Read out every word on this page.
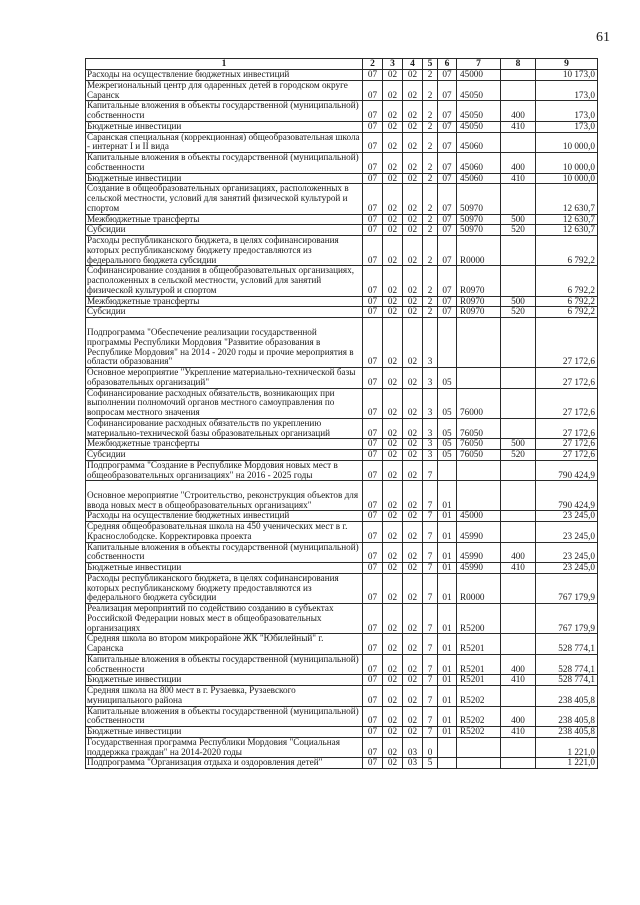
61
1	2	3	4	5	6	7	8	9
Расходы на осуществление бюджетных инвестиций	07	02	02	2	07	45000		10 173,0
Межрегиональный центр для одаренных детей в городском округе Саранск	07	02	02	2	07	45050		173,0
Капитальные вложения в объекты государственной (муниципальной) собственности	07	02	02	2	07	45050	400	173,0
Бюджетные инвестиции	07	02	02	2	07	45050	410	173,0
Саранская специальная (коррекционная) общеобразовательная школа - интернат I и II вида	07	02	02	2	07	45060		10 000,0
Капитальные вложения в объекты государственной (муниципальной) собственности	07	02	02	2	07	45060	400	10 000,0
Бюджетные инвестиции	07	02	02	2	07	45060	410	10 000,0
Создание в общеобразовательных организациях, расположенных в сельской местности, условий для занятий физической культурой и спортом	07	02	02	2	07	50970		12 630,7
Межбюджетные трансферты	07	02	02	2	07	50970	500	12 630,7
Субсидии	07	02	02	2	07	50970	520	12 630,7
Расходы республиканского бюджета, в целях софинансирования которых республиканскому бюджету предоставляются из федерального бюджета субсидии	07	02	02	2	07	R0000		6 792,2
Софинансирование создания в общеобразовательных организациях, расположенных в сельской местности, условий для занятий физической культурой и спортом	07	02	02	2	07	R0970		6 792,2
Межбюджетные трансферты	07	02	02	2	07	R0970	500	6 792,2
Субсидии	07	02	02	2	07	R0970	520	6 792,2
Подпрограмма "Обеспечение реализации государственной программы Республики Мордовия "Развитие образования в Республике Мордовия" на 2014 - 2020 годы и прочие мероприятия в области образования"	07	02	02	3				27 172,6
Основное мероприятие "Укрепление материально-технической базы образовательных организаций"	07	02	02	3	05			27 172,6
Софинансирование расходных обязательств, возникающих при выполнении полномочий органов местного самоуправления по вопросам местного значения	07	02	02	3	05	76000		27 172,6
Софинансирование расходных обязательств по укреплению материально-технической базы образовательных организаций	07	02	02	3	05	76050		27 172,6
Межбюджетные трансферты	07	02	02	3	05	76050	500	27 172,6
Субсидии	07	02	02	3	05	76050	520	27 172,6
Подпрограмма "Создание в Республике Мордовия новых мест в общеобразовательных организациях" на 2016 - 2025 годы	07	02	02	7				790 424,9
Основное мероприятие "Строительство, реконструкция объектов для ввода новых мест в общеобразовательных организациях"	07	02	02	7	01			790 424,9
Расходы на осуществление бюджетных инвестиций	07	02	02	7	01	45000		23 245,0
Средняя общеобразовательная школа на 450 ученических мест в г. Краснослободске. Корректировка проекта	07	02	02	7	01	45990		23 245,0
Капитальные вложения в объекты государственной (муниципальной) собственности	07	02	02	7	01	45990	400	23 245,0
Бюджетные инвестиции	07	02	02	7	01	45990	410	23 245,0
Расходы республиканского бюджета, в целях софинансирования которых республиканскому бюджету предоставляются из федерального бюджета субсидии	07	02	02	7	01	R0000		767 179,9
Реализация мероприятий по содействию созданию в субъектах Российской Федерации новых мест в общеобразовательных организациях	07	02	02	7	01	R5200		767 179,9
Средняя школа во втором микрорайоне ЖК "Юбилейный" г. Саранска	07	02	02	7	01	R5201		528 774,1
Капитальные вложения в объекты государственной (муниципальной) собственности	07	02	02	7	01	R5201	400	528 774,1
Бюджетные инвестиции	07	02	02	7	01	R5201	410	528 774,1
Средняя школа на 800 мест в г. Рузаевка, Рузаевского муниципального района	07	02	02	7	01	R5202		238 405,8
Капитальные вложения в объекты государственной (муниципальной) собственности	07	02	02	7	01	R5202	400	238 405,8
Бюджетные инвестиции	07	02	02	7	01	R5202	410	238 405,8
Государственная программа Республики Мордовия "Социальная поддержка граждан" на 2014-2020 годы	07	02	03	0				1 221,0
Подпрограмма "Организация отдыха и оздоровления детей"	07	02	03	5				1 221,0
